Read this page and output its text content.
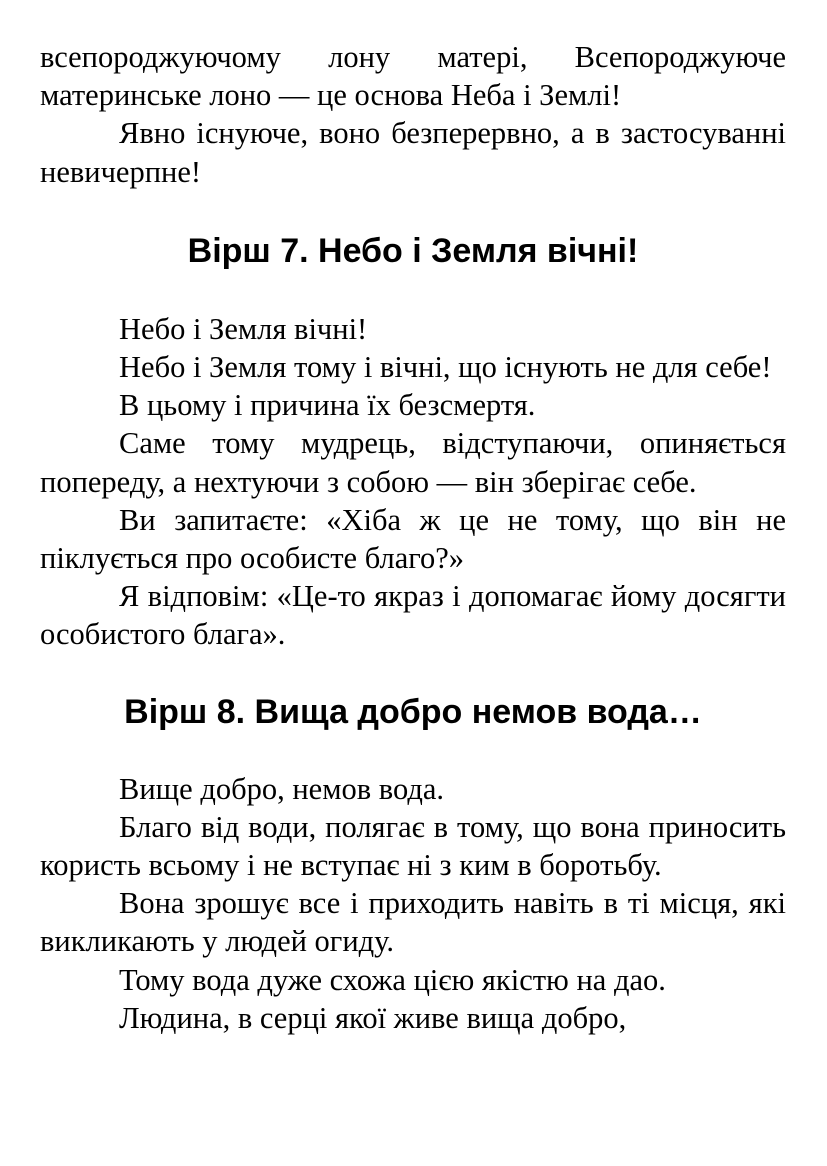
всепороджуючому лону матері, Всепороджуюче материнське лоно — це основа Неба і Землі!

Явно існуюче, воно безперервно, а в застосуванні невичерпне!

Вірш 7. Небо і Земля вічні!

Небо і Земля вічні!

Небо і Земля тому і вічні, що існують не для себе!

В цьому і причина їх безсмертя.

Саме тому мудрець, відступаючи, опиняється попереду, а нехтуючи з собою — він зберігає себе.

Ви запитаєте: «Хіба ж це не тому, що він не піклується про особисте благо?»

Я відповім: «Це-то якраз і допомагає йому досягти особистого блага».

Вірш 8. Вища добро немов вода…

Вище добро, немов вода.

Благо від води, полягає в тому, що вона приносить користь всьому і не вступає ні з ким в боротьбу.

Вона зрошує все і приходить навіть в ті місця, які викликають у людей огиду.

Тому вода дуже схожа цією якістю на дао.

Людина, в серці якої живе вища добро,
